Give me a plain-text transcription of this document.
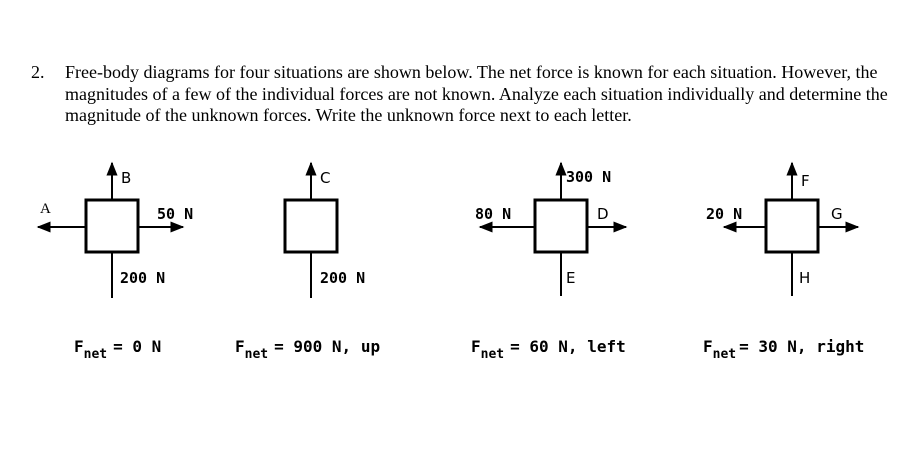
2. Free-body diagrams for four situations are shown below. The net force is known for each situation. However, the magnitudes of a few of the individual forces are not known. Analyze each situation individually and determine the magnitude of the unknown forces. Write the unknown force next to each letter.
B
A	50 N
200 N
$F_{net} = 0$ N
C
200 N
$F_{net} = 900$ N, up
300 N
80 N	D
E
$F_{net} = 60$ N, left
F
20 N	G
H
$F_{net} = 30$ N, right
